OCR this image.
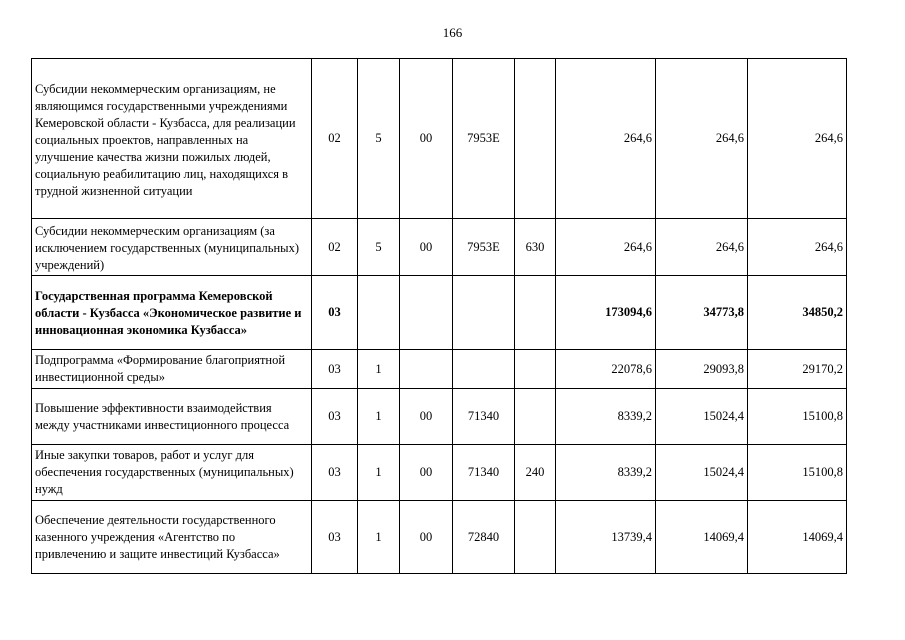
166
Субсидии некоммерческим организациям, не являющимся государственными учреждениями Кемеровской области - Кузбасса, для реализации социальных проектов, направленных на улучшение качества жизни пожилых людей, социальную реабилитацию лиц, находящихся в трудной жизненной ситуации	02	5	00	7953E		264,6	264,6	264,6
Субсидии некоммерческим организациям (за исключением государственных (муниципальных) учреждений)	02	5	00	7953E	630	264,6	264,6	264,6
Государственная программа Кемеровской области - Кузбасса «Экономическое развитие и инновационная экономика Кузбасса»	03					173094,6	34773,8	34850,2
Подпрограмма «Формирование благоприятной инвестиционной среды»	03	1				22078,6	29093,8	29170,2
Повышение эффективности взаимодействия между участниками инвестиционного процесса	03	1	00	71340		8339,2	15024,4	15100,8
Иные закупки товаров, работ и услуг для обеспечения государственных (муниципальных) нужд	03	1	00	71340	240	8339,2	15024,4	15100,8
Обеспечение деятельности государственного казенного учреждения «Агентство по привлечению и защите инвестиций Кузбасса»	03	1	00	72840		13739,4	14069,4	14069,4
